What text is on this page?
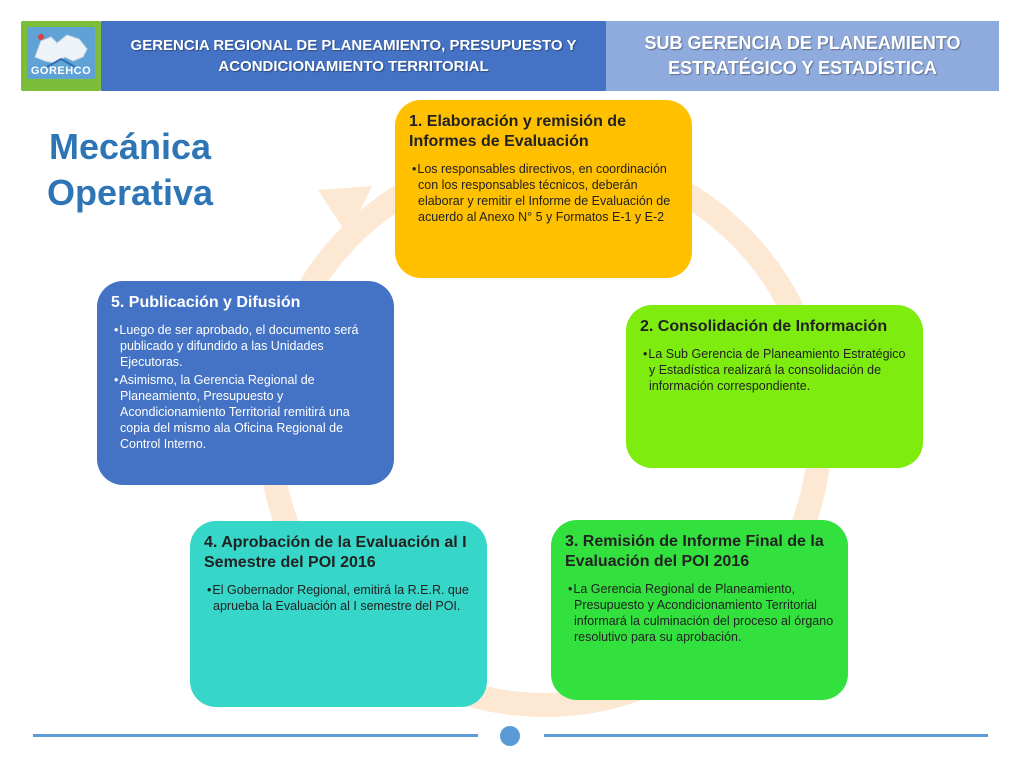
GOREHCO
GERENCIA REGIONAL DE PLANEAMIENTO, PRESUPUESTO Y ACONDICIONAMIENTO TERRITORIAL
SUB GERENCIA DE PLANEAMIENTO ESTRATÉGICO Y ESTADÍSTICA
Mecánica
Operativa
1. Elaboración y remisión de Informes de Evaluación
• Los responsables directivos, en coordinación con los responsables técnicos, deberán elaborar y remitir el Informe de Evaluación de acuerdo al Anexo N° 5 y Formatos E-1 y E-2
2. Consolidación de Información
• La Sub Gerencia de Planeamiento Estratégico y Estadística realizará la consolidación de información correspondiente.
3. Remisión de Informe Final de la Evaluación del POI 2016
• La Gerencia Regional de Planeamiento, Presupuesto y Acondicionamiento Territorial informará la culminación del proceso al órgano resolutivo para su aprobación.
4. Aprobación de la Evaluación al I Semestre del POI 2016
• El Gobernador Regional, emitirá la R.E.R. que aprueba la Evaluación al I semestre del POI.
5. Publicación y Difusión
• Luego de ser aprobado, el documento será publicado y difundido a las Unidades Ejecutoras.
• Asimismo, la Gerencia Regional de Planeamiento, Presupuesto y Acondicionamiento Territorial remitirá una copia del mismo ala Oficina Regional de Control Interno.
